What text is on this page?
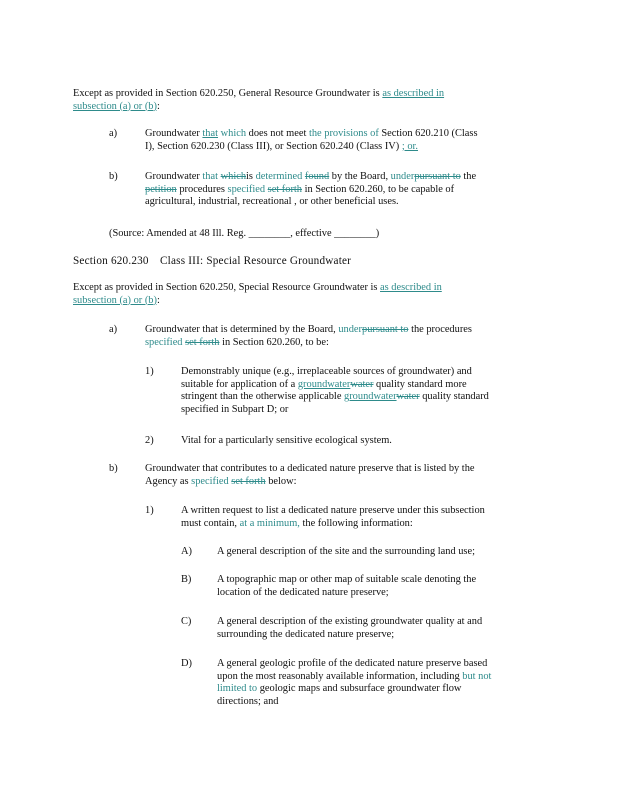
Except as provided in Section 620.250, General Resource Groundwater is as described in
subsection (a) or (b):
a)	Groundwater that which does not meet the provisions of Section 620.210 (Class
I), Section 620.230 (Class III), or Section 620.240 (Class IV) ; or.
b)	Groundwater that whichis determined found by the Board, underpursuant to the
petition procedures specified set forth in Section 620.260, to be capable of
agricultural, industrial, recreational , or other beneficial uses.
(Source: Amended at 48 Ill. Reg. ________, effective ________)
Section 620.230 Class III: Special Resource Groundwater
Except as provided in Section 620.250, Special Resource Groundwater is as described in
subsection (a) or (b):
a)	Groundwater that is determined by the Board, underpursuant to the procedures
specified set forth in Section 620.260, to be:
1)	Demonstrably unique (e.g., irreplaceable sources of groundwater) and
suitable for application of a groundwaterwater quality standard more
stringent than the otherwise applicable groundwaterwater quality standard
specified in Subpart D; or
2)	Vital for a particularly sensitive ecological system.
b)	Groundwater that contributes to a dedicated nature preserve that is listed by the
Agency as specified set forth below:
1)	A written request to list a dedicated nature preserve under this subsection
must contain, at a minimum, the following information:
A) A general description of the site and the surrounding land use;
B) A topographic map or other map of suitable scale denoting the
location of the dedicated nature preserve;
C) A general description of the existing groundwater quality at and
surrounding the dedicated nature preserve;
D) A general geologic profile of the dedicated nature preserve based
upon the most reasonably available information, including but not
limited to geologic maps and subsurface groundwater flow
directions; and
